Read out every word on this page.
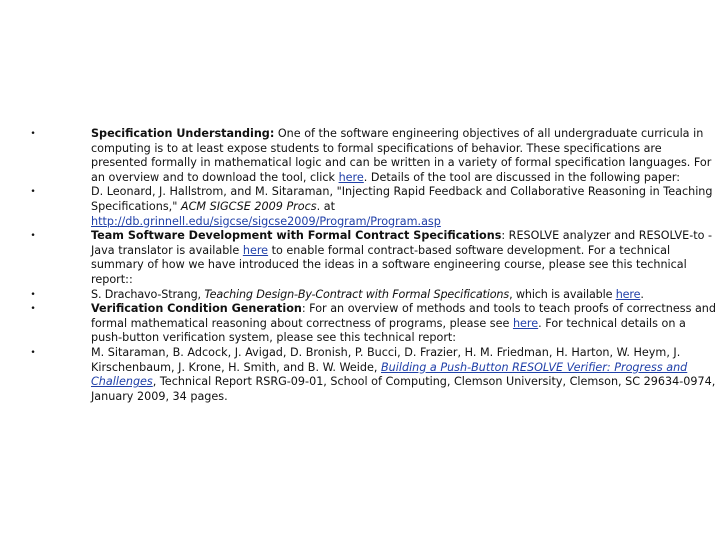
•	Specification Understanding: One of the software engineering objectives of all undergraduate curricula in computing is to at least expose students to formal specifications of behavior. These specifications are presented formally in mathematical logic and can be written in a variety of formal specification languages. For an overview and to download the tool, click here. Details of the tool are discussed in the following paper:
•	D. Leonard, J. Hallstrom, and M. Sitaraman, "Injecting Rapid Feedback and Collaborative Reasoning in Teaching Specifications," ACM SIGCSE 2009 Procs. at
http://db.grinnell.edu/sigcse/sigcse2009/Program/Program.asp
•	Team Software Development with Formal Contract Specifications: RESOLVE analyzer and RESOLVE-to -Java translator is available here to enable formal contract-based software development. For a technical summary of how we have introduced the ideas in a software engineering course, please see this technical report::
•	S. Drachavo-Strang, Teaching Design-By-Contract with Formal Specifications, which is available here.
•	Verification Condition Generation: For an overview of methods and tools to teach proofs of correctness and formal mathematical reasoning about correctness of programs, please see here. For technical details on a push-button verification system, please see this technical report:
•	M. Sitaraman, B. Adcock, J. Avigad, D. Bronish, P. Bucci, D. Frazier, H. M. Friedman, H. Harton, W. Heym, J. Kirschenbaum, J. Krone, H. Smith, and B. W. Weide, Building a Push-Button RESOLVE Verifier: Progress and Challenges, Technical Report RSRG-09-01, School of Computing, Clemson University, Clemson, SC 29634-0974, January 2009, 34 pages.
